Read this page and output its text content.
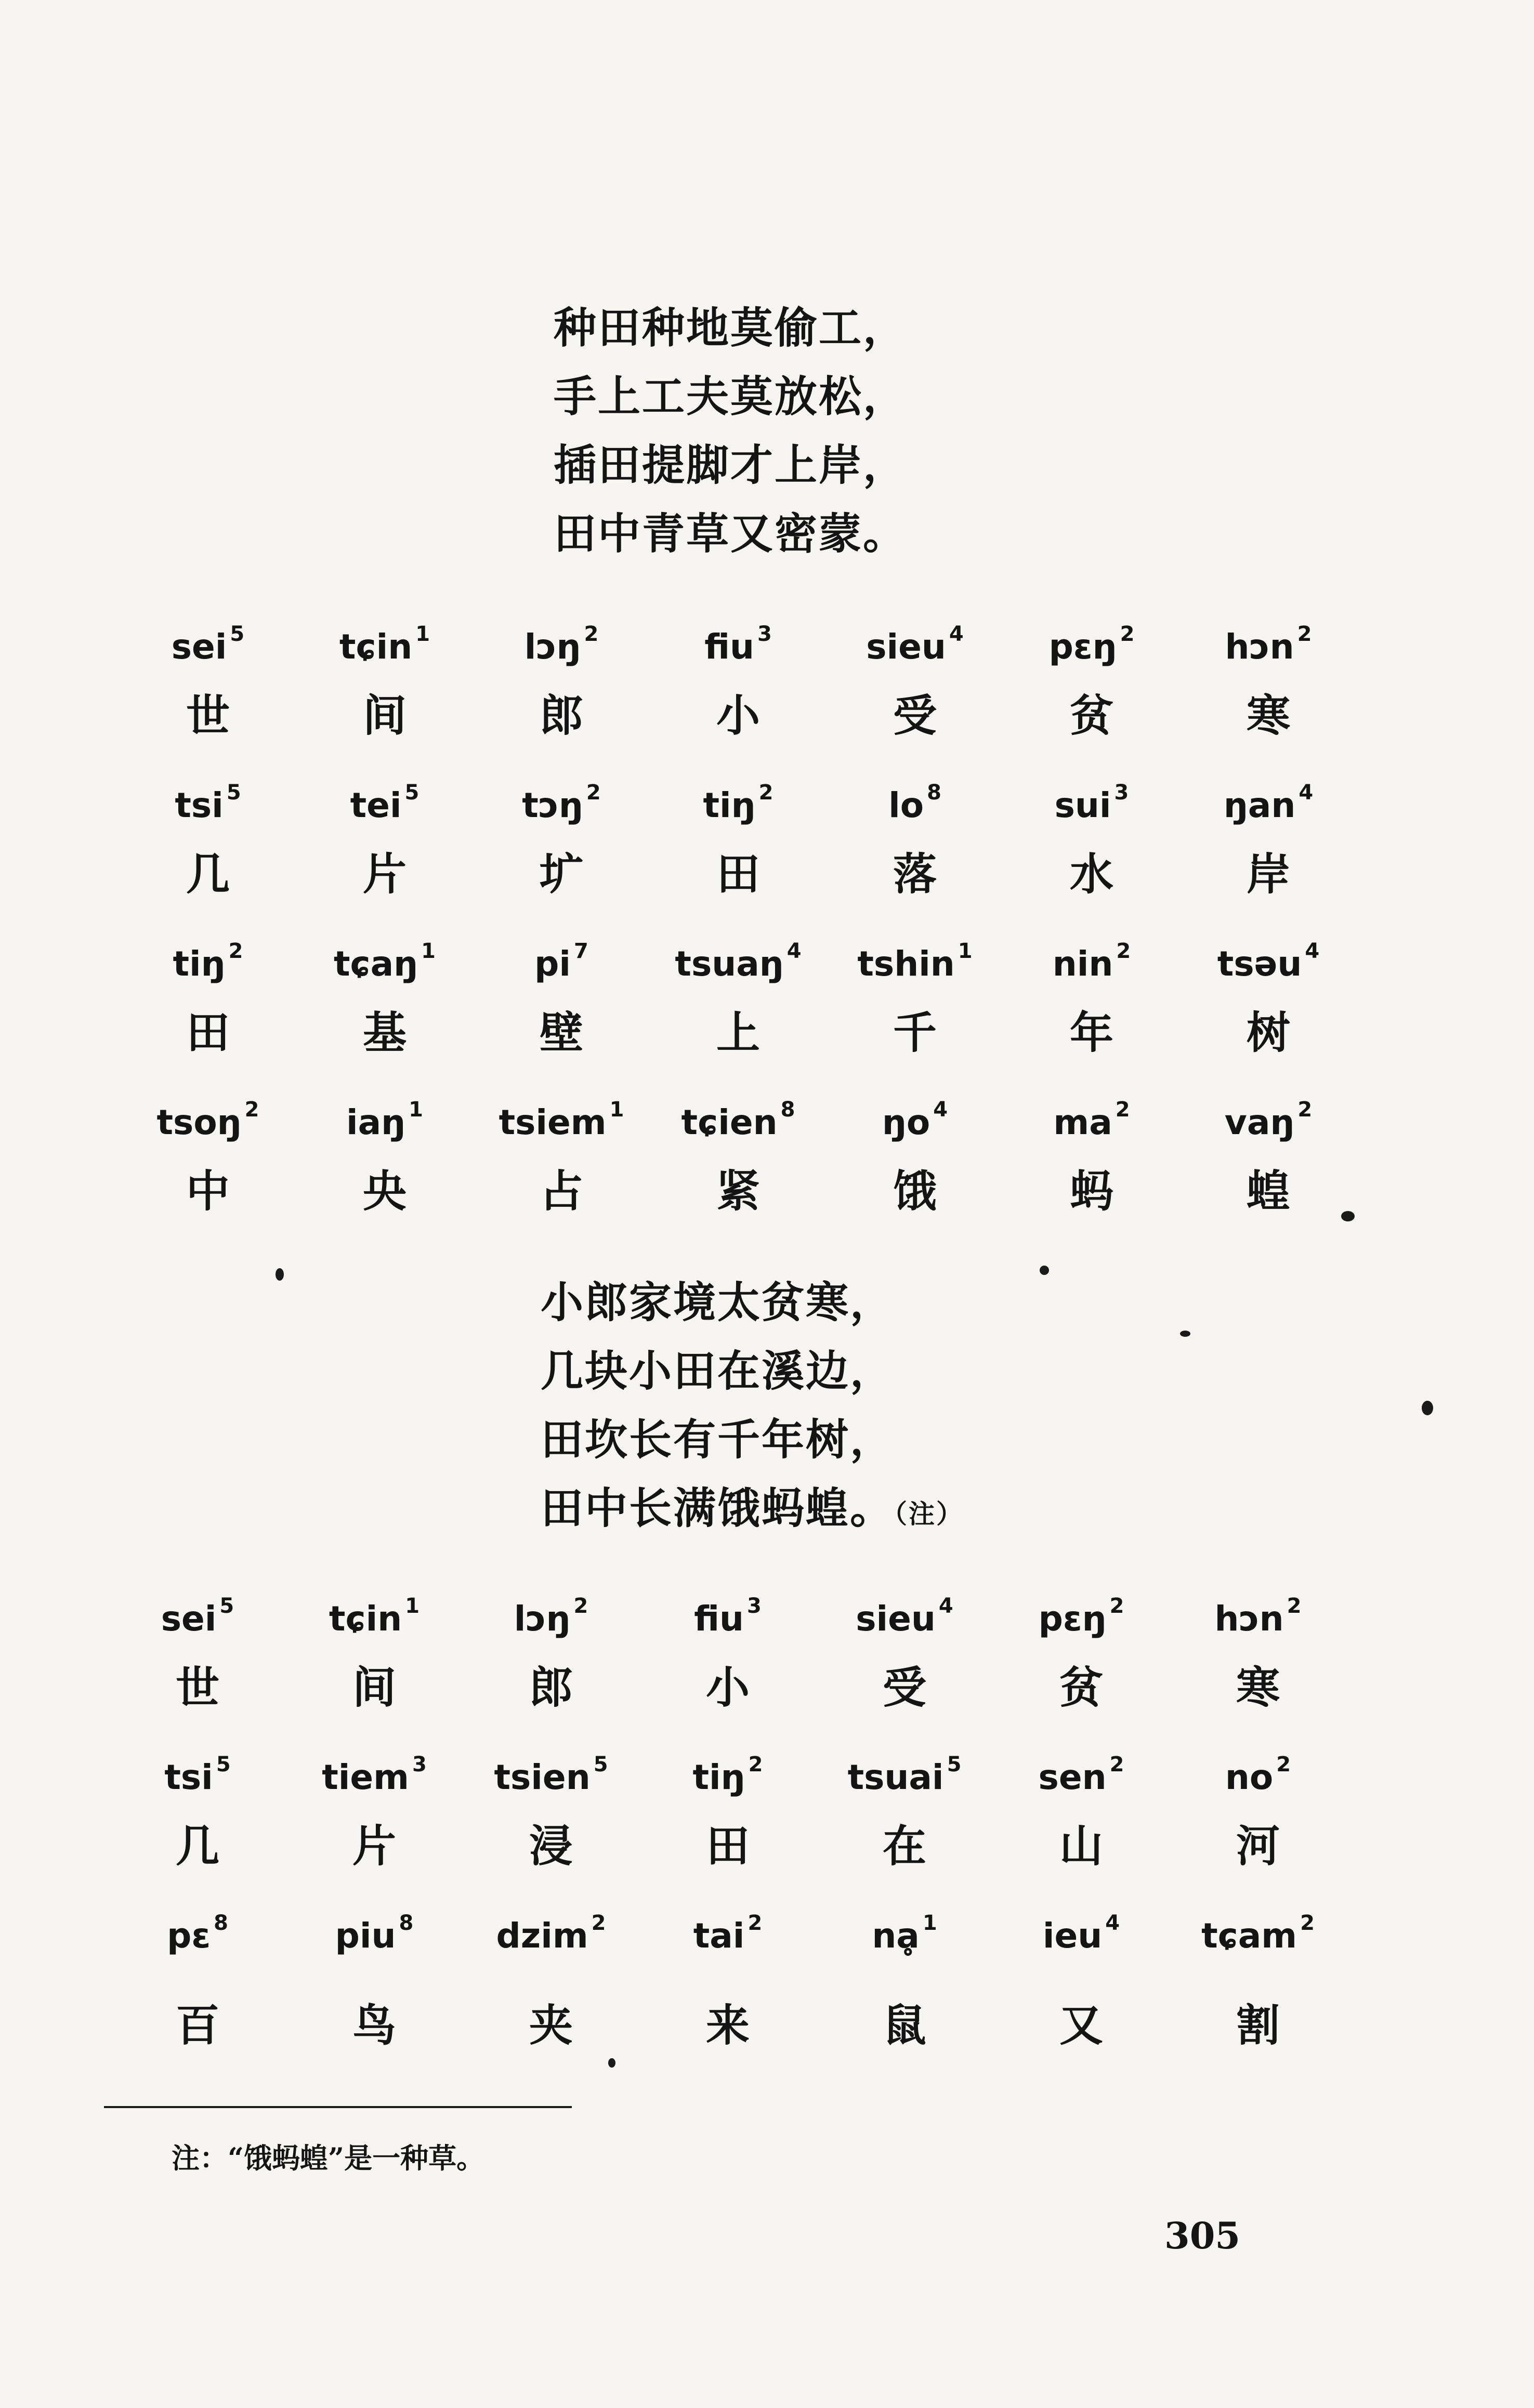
种田种地莫偷工，
手上工夫莫放松，
插田提脚才上岸，
田中青草又密蒙。
sei $^5$
世
tɕin $^1$
间
lɔŋ $^2$
郎
fiu $^3$
小
sieu $^4$
受
pɛŋ $^2$
贫
hɔn $^2$
寒
tsi $^5$
几
tei $^5$
片
tɔŋ $^2$
圹
tiŋ $^2$
田
lo $^8$
落
sui $^3$
水
ŋan $^4$
岸
tiŋ $^2$
田
tɕaŋ $^1$
基
pi $^7$
壁
tsuaŋ $^4$
上
tshin $^1$
千
nin $^2$
年
tsəu $^4$
树
tsoŋ $^2$
中
iaŋ $^1$
央
tsiem $^1$
占
tɕien $^8$
紧
ŋo $^4$
饿
ma $^2$
蚂
vaŋ $^2$
蝗
小郎家境太贫寒，
几块小田在溪边，
田坎长有千年树，
田中长满饿蚂蝗。（注）
sei $^5$
世
tɕin $^1$
间
lɔŋ $^2$
郎
fiu $^3$
小
sieu $^4$
受
pɛŋ $^2$
贫
hɔn $^2$
寒
tsi $^5$
几
tiem $^3$
片
tsien $^5$
浸
tiŋ $^2$
田
tsuai $^5$
在
sen $^2$
山
no $^2$
河
pɛ $^8$
百
piu $^8$
鸟
dzim $^2$
夹
tai $^2$
来
nḁ $^1$
鼠
ieu $^4$
又
tɕam $^2$
割
注：“饿蚂蝗”是一种草。
305
